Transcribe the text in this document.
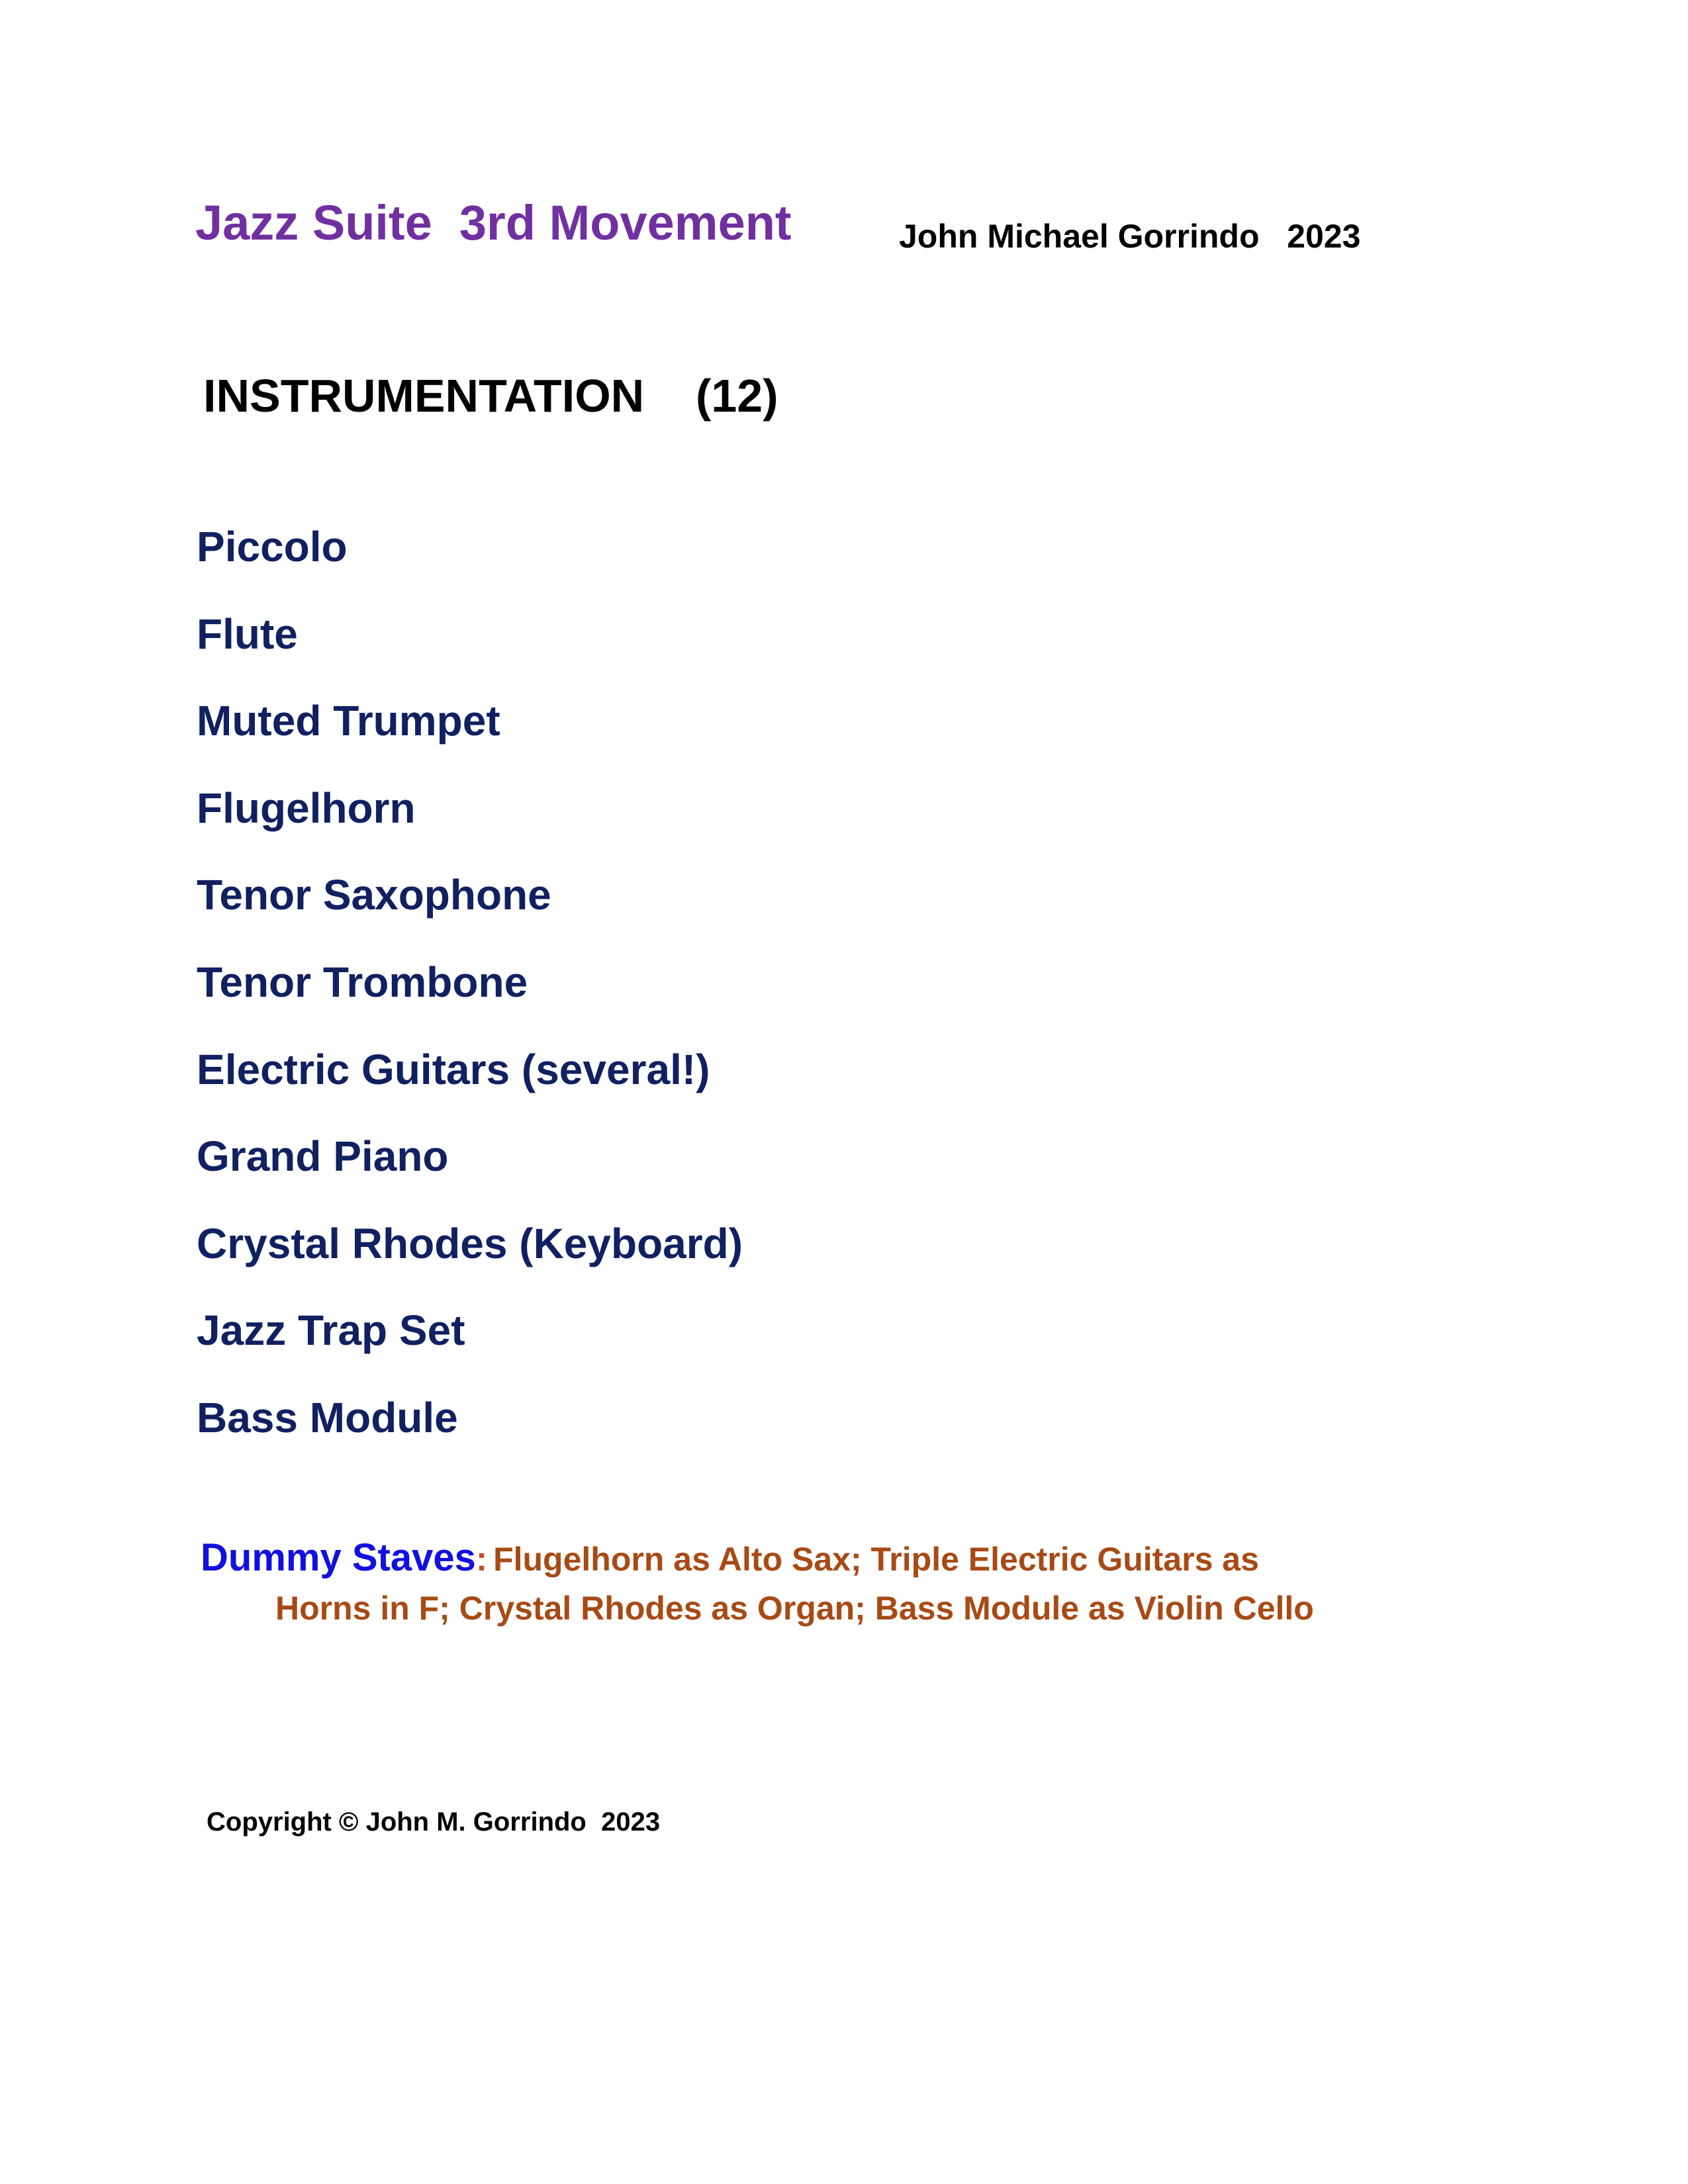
Jazz Suite  3rd Movement	John Michael Gorrindo   2023
INSTRUMENTATION    (12)
Piccolo
Flute
Muted Trumpet
Flugelhorn
Tenor Saxophone
Tenor Trombone
Electric Guitars (several!)
Grand Piano
Crystal Rhodes (Keyboard)
Jazz Trap Set
Bass Module
Dummy Staves: Flugelhorn as Alto Sax; Triple Electric Guitars as
Horns in F; Crystal Rhodes as Organ; Bass Module as Violin Cello
Copyright © John M. Gorrindo  2023
